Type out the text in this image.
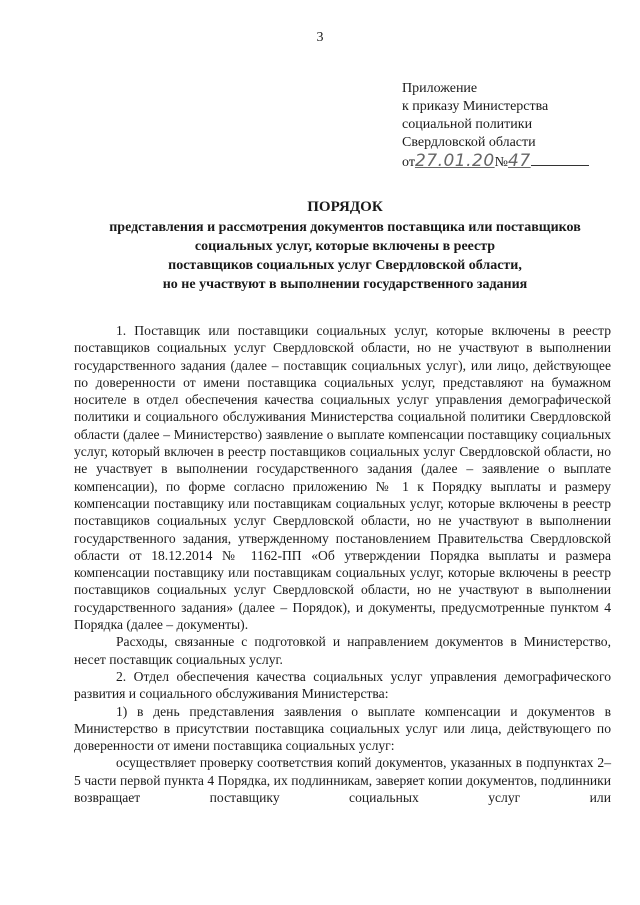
3
Приложение
к приказу Министерства
социальной политики
Свердловской области
от27.01.20№47
ПОРЯДОК
представления и рассмотрения документов поставщика или поставщиков
социальных услуг, которые включены в реестр
поставщиков социальных услуг Свердловской области,
но не участвуют в выполнении государственного задания

1. Поставщик или поставщики социальных услуг, которые включены в реестр поставщиков социальных услуг Свердловской области, но не участвуют в выполнении государственного задания (далее – поставщик социальных услуг), или лицо, действующее по доверенности от имени поставщика социальных услуг, представляют на бумажном носителе в отдел обеспечения качества социальных услуг управления демографической политики и социального обслуживания Министерства социальной политики Свердловской области (далее – Министерство) заявление о выплате компенсации поставщику социальных услуг, который включен в реестр поставщиков социальных услуг Свердловской области, но не участвует в выполнении государственного задания (далее – заявление о выплате компенсации), по форме согласно приложению № 1 к Порядку выплаты и размеру компенсации поставщику или поставщикам социальных услуг, которые включены в реестр поставщиков социальных услуг Свердловской области, но не участвуют в выполнении государственного задания, утвержденному постановлением Правительства Свердловской области от 18.12.2014 № 1162-ПП «Об утверждении Порядка выплаты и размера компенсации поставщику или поставщикам социальных услуг, которые включены в реестр поставщиков социальных услуг Свердловской области, но не участвуют в выполнении государственного задания» (далее – Порядок), и документы, предусмотренные пунктом 4 Порядка (далее – документы).

Расходы, связанные с подготовкой и направлением документов в Министерство, несет поставщик социальных услуг.

2. Отдел обеспечения качества социальных услуг управления демографического развития и социального обслуживания Министерства:

1) в день представления заявления о выплате компенсации и документов в Министерство в присутствии поставщика социальных услуг или лица, действующего по доверенности от имени поставщика социальных услуг:

осуществляет проверку соответствия копий документов, указанных в подпунктах 2–5 части первой пункта 4 Порядка, их подлинникам, заверяет копии документов, подлинники возвращает поставщику социальных услуг или
